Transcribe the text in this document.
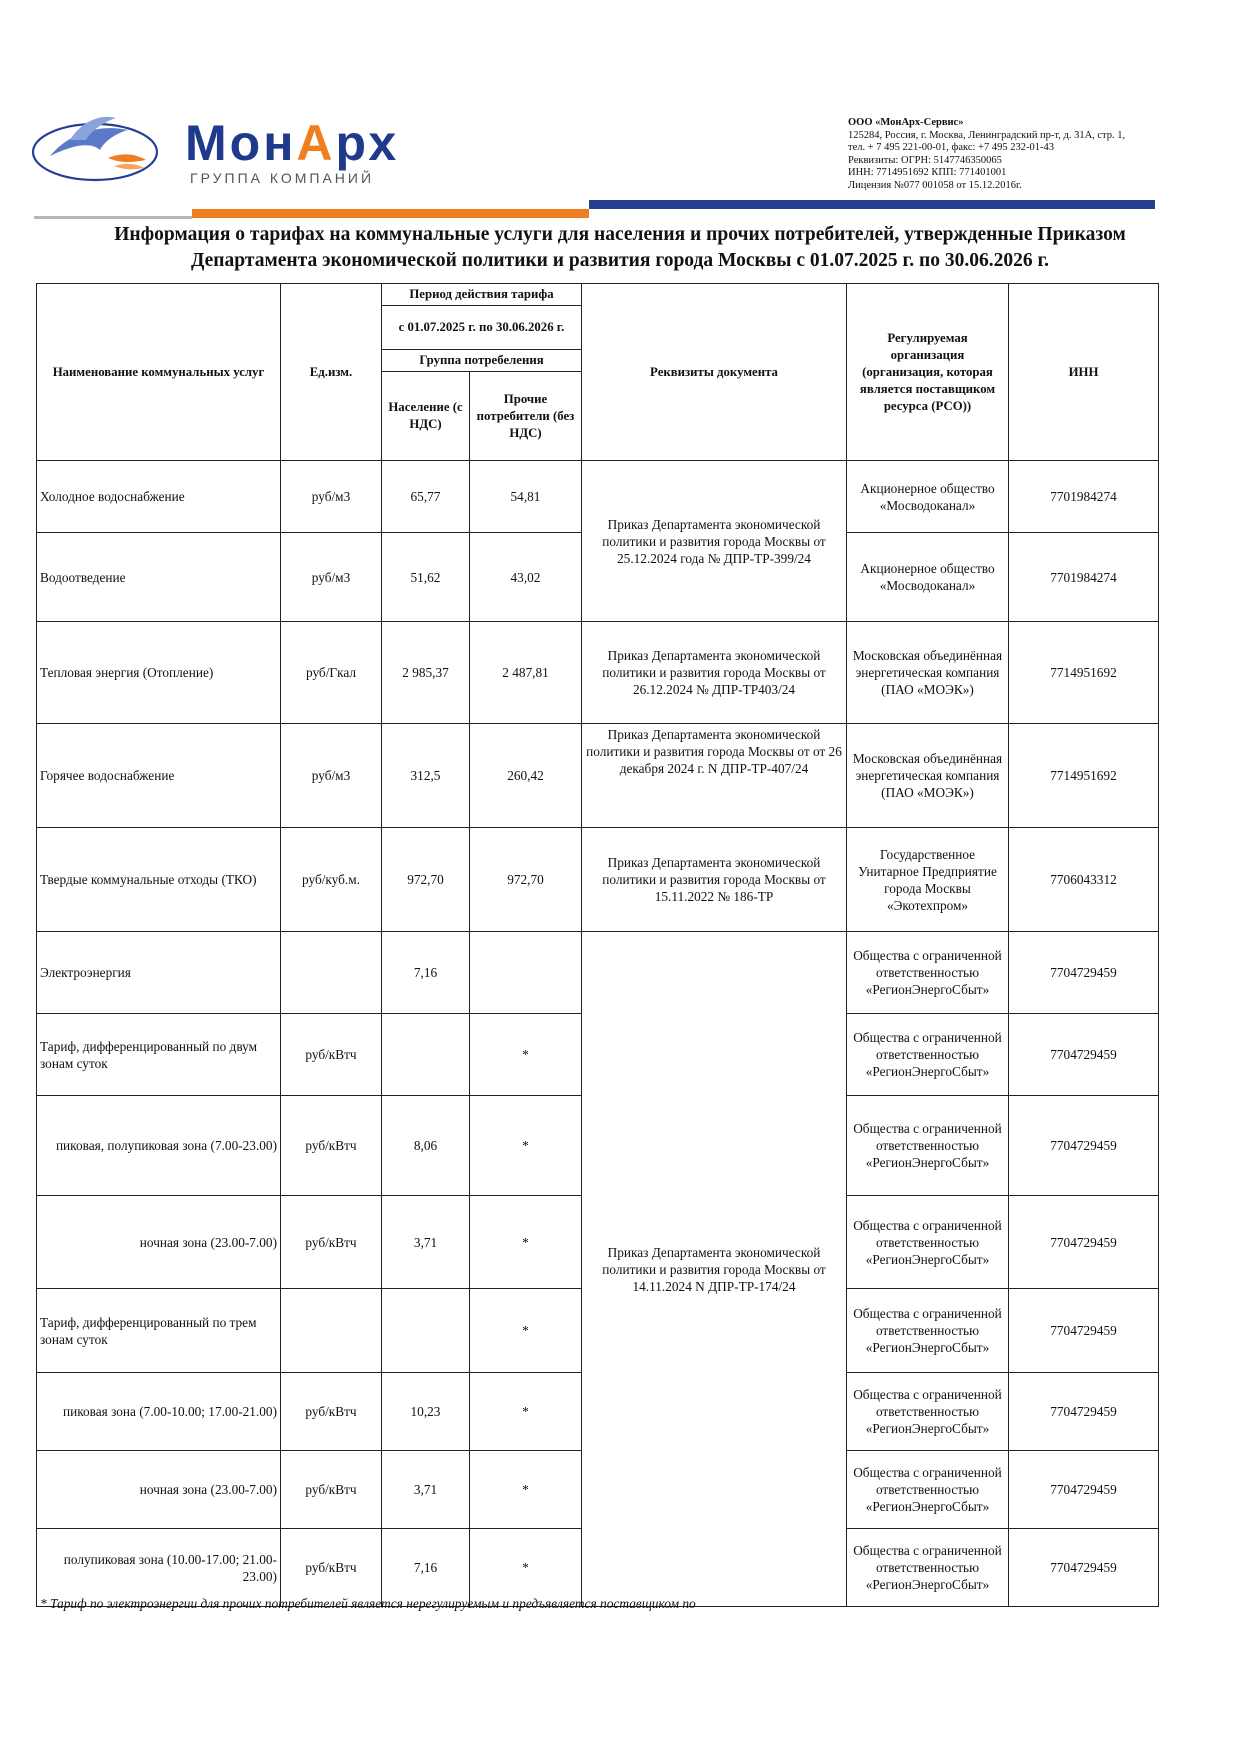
МонАрх
ГРУППА КОМПАНИЙ
ООО «МонАрх-Сервис»
125284, Россия, г. Москва, Ленинградский пр-т, д. 31А, стр. 1,
тел. + 7 495 221-00-01, факс: +7 495 232-01-43
Реквизиты: ОГРН: 5147746350065
ИНН: 7714951692 КПП: 771401001
Лицензия №077 001058 от 15.12.2016г.
Информация о тарифах на коммунальные услуги для населения и прочих потребителей, утвержденные Приказом
Департамента экономической политики и развития города Москвы с 01.07.2025 г. по 30.06.2026 г.
Наименование коммунальных услуг	Ед.изм.	Период действия тарифа		Реквизиты документа	Регулируемая организация (организация, которая является поставщиком ресурса (РСО))	ИНН
		с 01.07.2025 г. по 30.06.2026 г.				
		Группа потребеления				
		Население (с НДС)	Прочие потребители (без НДС)			
Холодное водоснабжение	руб/м3	65,77	54,81	Приказ Департамента экономической политики и развития города Москвы от 25.12.2024 года № ДПР-ТР-399/24	Акционерное общество «Мосводоканал»	7701984274
Водоотведение	руб/м3	51,62	43,02		Акционерное общество «Мосводоканал»	7701984274
Тепловая энергия (Отопление)	руб/Гкал	2 985,37	2 487,81	Приказ Департамента экономической политики и развития города Москвы от 26.12.2024 № ДПР-ТР403/24	Московская объединённая энергетическая компания (ПАО «МОЭК»)	7714951692
Горячее водоснабжение	руб/м3	312,5	260,42	Приказ Департамента экономической политики и развития города Москвы от от 26 декабря 2024 г. N ДПР-ТР-407/24	Московская объединённая энергетическая компания (ПАО «МОЭК»)	7714951692
Твердые коммунальные отходы (ТКО)	руб/куб.м.	972,70	972,70	Приказ Департамента экономической политики и развития города Москвы от 15.11.2022 № 186-ТР	Государственное Унитарное Предприятие города Москвы «Экотехпром»	7706043312
Электроэнергия		7,16		Приказ Департамента экономической политики и развития города Москвы от 14.11.2024 N ДПР-ТР-174/24	Общества с ограниченной ответственностью «РегионЭнергоСбыт»	7704729459
Тариф, дифференцированный по двум зонам суток	руб/кВтч		*		Общества с ограниченной ответственностью «РегионЭнергоСбыт»	7704729459
пиковая, полупиковая зона (7.00-23.00)	руб/кВтч	8,06	*		Общества с ограниченной ответственностью «РегионЭнергоСбыт»	7704729459
ночная зона (23.00-7.00)	руб/кВтч	3,71	*		Общества с ограниченной ответственностью «РегионЭнергоСбыт»	7704729459
Тариф, дифференцированный по трем зонам суток			*		Общества с ограниченной ответственностью «РегионЭнергоСбыт»	7704729459
пиковая зона (7.00-10.00; 17.00-21.00)	руб/кВтч	10,23	*		Общества с ограниченной ответственностью «РегионЭнергоСбыт»	7704729459
ночная зона (23.00-7.00)	руб/кВтч	3,71	*		Общества с ограниченной ответственностью «РегионЭнергоСбыт»	7704729459
полупиковая зона (10.00-17.00; 21.00-23.00)	руб/кВтч	7,16	*		Общества с ограниченной ответственностью «РегионЭнергоСбыт»	7704729459
* Тариф по электроэнергии для прочих потребителей является нерегулируемым и предъявляется поставщиком по
